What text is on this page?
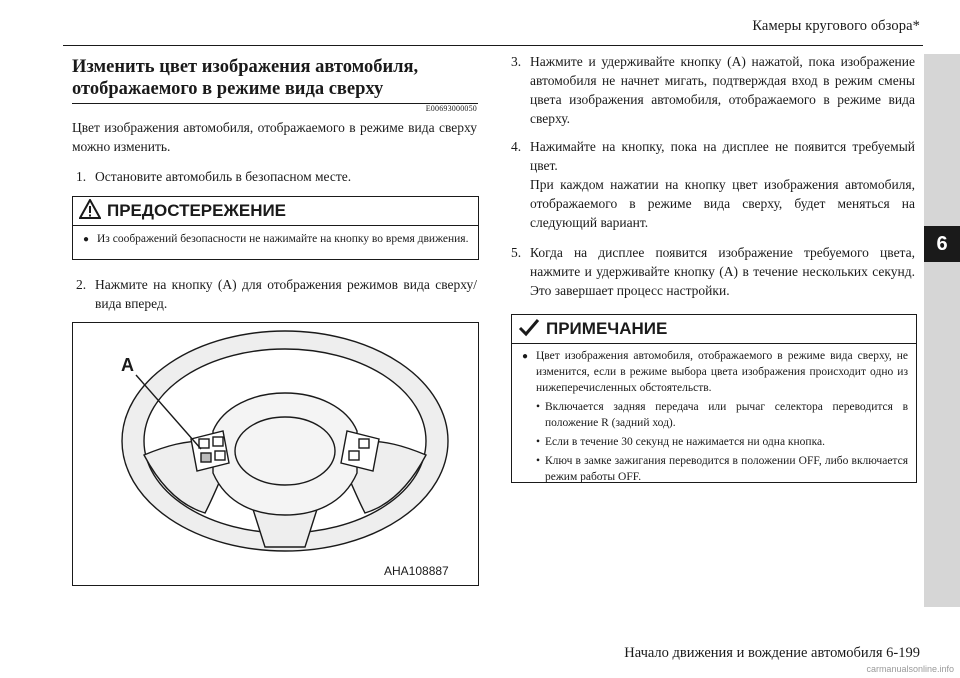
Камеры кругового обзора*
6
Изменить цвет изображения автомобиля,
отображаемого в режиме вида сверху
E00693000050
Цвет изображения автомобиля, отображаемого в режиме вида сверху можно изменить.
1. Остановите автомобиль в безопасном месте.
ПРЕДОСТЕРЕЖЕНИЕ
● Из соображений безопасности не нажимайте на кнопку во время движения.
2. Нажмите на кнопку (A) для отображения режимов вида сверху/вида вперед.
A
AHA108887
3. Нажмите и удерживайте кнопку (A) нажатой, пока изображение автомобиля не начнет мигать, подтверждая вход в режим смены цвета изображения автомобиля, отображаемого в режиме вида сверху.
4. Нажимайте на кнопку, пока на дисплее не появится требуемый цвет.
При каждом нажатии на кнопку цвет изображения автомобиля, отображаемого в режиме вида сверху, будет меняться на следующий вариант.
5. Когда на дисплее появится изображение требуемого цвета, нажмите и удерживайте кнопку (A) в течение нескольких секунд. Это завершает процесс настройки.
ПРИМЕЧАНИЕ
● Цвет изображения автомобиля, отображаемого в режиме вида сверху, не изменится, если в режиме выбора цвета изображения происходит одно из нижеперечисленных обстоятельств.
• Включается задняя передача или рычаг селектора переводится в положение R (задний ход).
• Если в течение 30 секунд не нажимается ни одна кнопка.
• Ключ в замке зажигания переводится в положении OFF, либо включается режим работы OFF.
Начало движения и вождение автомобиля 6-199
carmanualsonline.info
